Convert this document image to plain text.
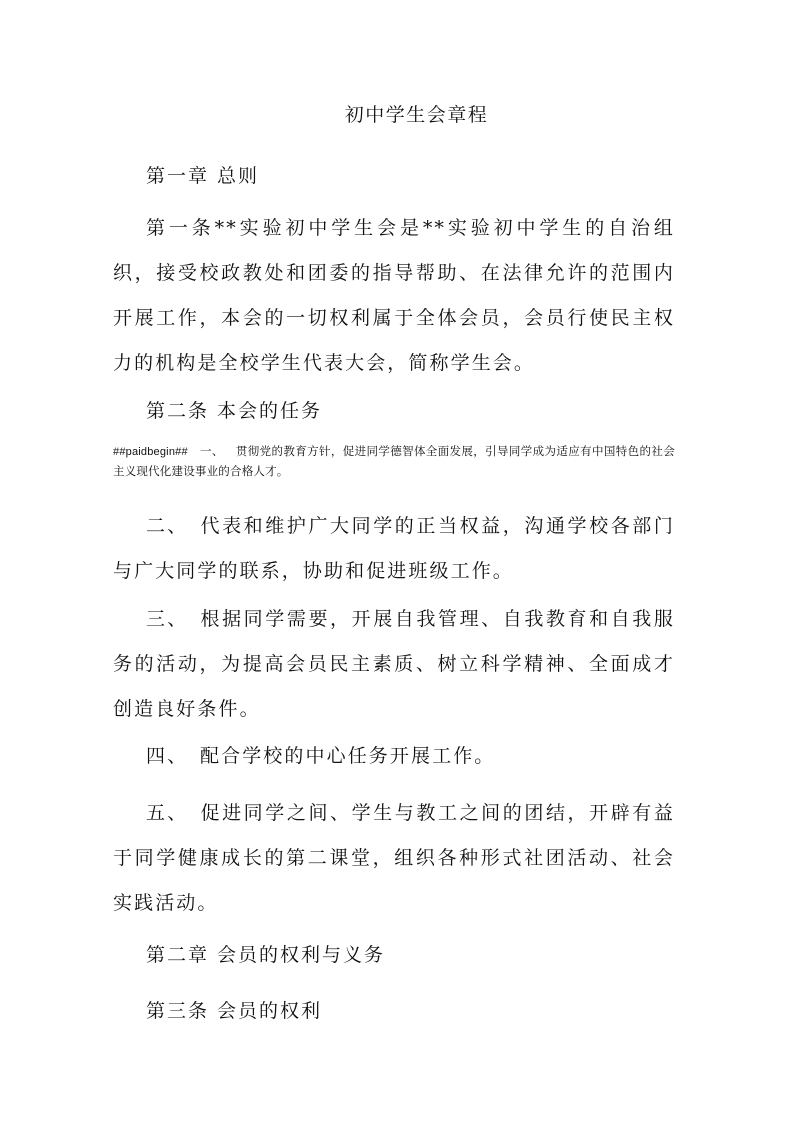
初中学生会章程
第一章 总则

第一条**实验初中学生会是**实验初中学生的自治组织，接受校政教处和团委的指导帮助、在法律允许的范围内开展工作，本会的一切权利属于全体会员，会员行使民主权力的机构是全校学生代表大会，简称学生会。

第二条 本会的任务

##paidbegin## 一、 贯彻党的教育方针，促进同学德智体全面发展，引导同学成为适应有中国特色的社会主义现代化建设事业的合格人才。

二、 代表和维护广大同学的正当权益，沟通学校各部门与广大同学的联系，协助和促进班级工作。

三、 根据同学需要，开展自我管理、自我教育和自我服务的活动，为提高会员民主素质、树立科学精神、全面成才创造良好条件。

四、 配合学校的中心任务开展工作。

五、 促进同学之间、学生与教工之间的团结，开辟有益于同学健康成长的第二课堂，组织各种形式社团活动、社会实践活动。

第二章 会员的权利与义务
第三条 会员的权利
